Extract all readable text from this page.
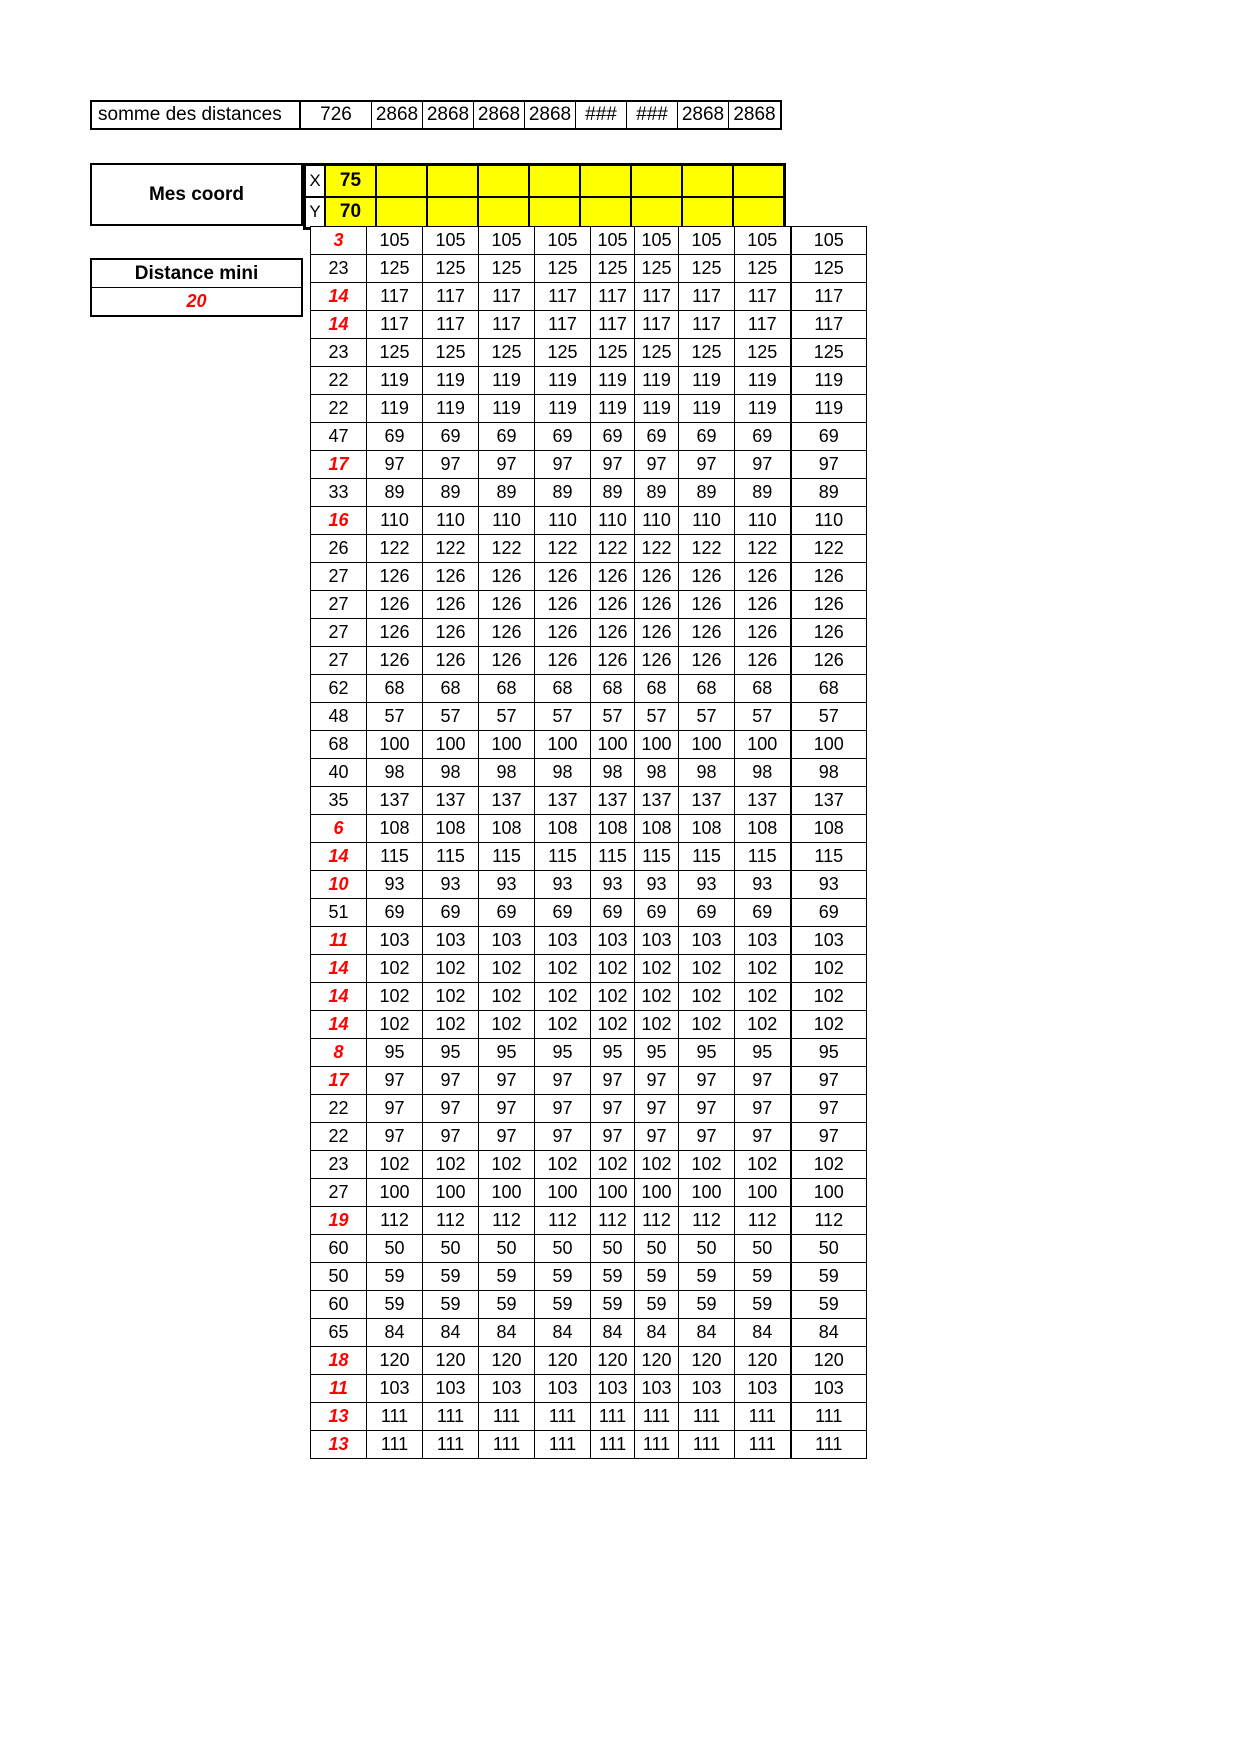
somme des distances	726	2868 2868 2868 2868 ###	### 2868 2868
Mes coord
X	75
Y	70
Distance mini
20
3	105	105	105	105	105	105	105	105	105
23	125	125	125	125	125	125	125	125	125
14	117	117	117	117	117	117	117	117	117
14	117	117	117	117	117	117	117	117	117
23	125	125	125	125	125	125	125	125	125
22	119	119	119	119	119	119	119	119	119
22	119	119	119	119	119	119	119	119	119
47	69	69	69	69	69	69	69	69	69
17	97	97	97	97	97	97	97	97	97
33	89	89	89	89	89	89	89	89	89
16	110	110	110	110	110	110	110	110	110
26	122	122	122	122	122	122	122	122	122
27	126	126	126	126	126	126	126	126	126
27	126	126	126	126	126	126	126	126	126
27	126	126	126	126	126	126	126	126	126
27	126	126	126	126	126	126	126	126	126
62	68	68	68	68	68	68	68	68	68
48	57	57	57	57	57	57	57	57	57
68	100	100	100	100	100	100	100	100	100
40	98	98	98	98	98	98	98	98	98
35	137	137	137	137	137	137	137	137	137
6	108	108	108	108	108	108	108	108	108
14	115	115	115	115	115	115	115	115	115
10	93	93	93	93	93	93	93	93	93
51	69	69	69	69	69	69	69	69	69
11	103	103	103	103	103	103	103	103	103
14	102	102	102	102	102	102	102	102	102
14	102	102	102	102	102	102	102	102	102
14	102	102	102	102	102	102	102	102	102
8	95	95	95	95	95	95	95	95	95
17	97	97	97	97	97	97	97	97	97
22	97	97	97	97	97	97	97	97	97
22	97	97	97	97	97	97	97	97	97
23	102	102	102	102	102	102	102	102	102
27	100	100	100	100	100	100	100	100	100
19	112	112	112	112	112	112	112	112	112
60	50	50	50	50	50	50	50	50	50
50	59	59	59	59	59	59	59	59	59
60	59	59	59	59	59	59	59	59	59
65	84	84	84	84	84	84	84	84	84
18	120	120	120	120	120	120	120	120	120
11	103	103	103	103	103	103	103	103	103
13	111	111	111	111	111	111	111	111	111
13	111	111	111	111	111	111	111	111	111
